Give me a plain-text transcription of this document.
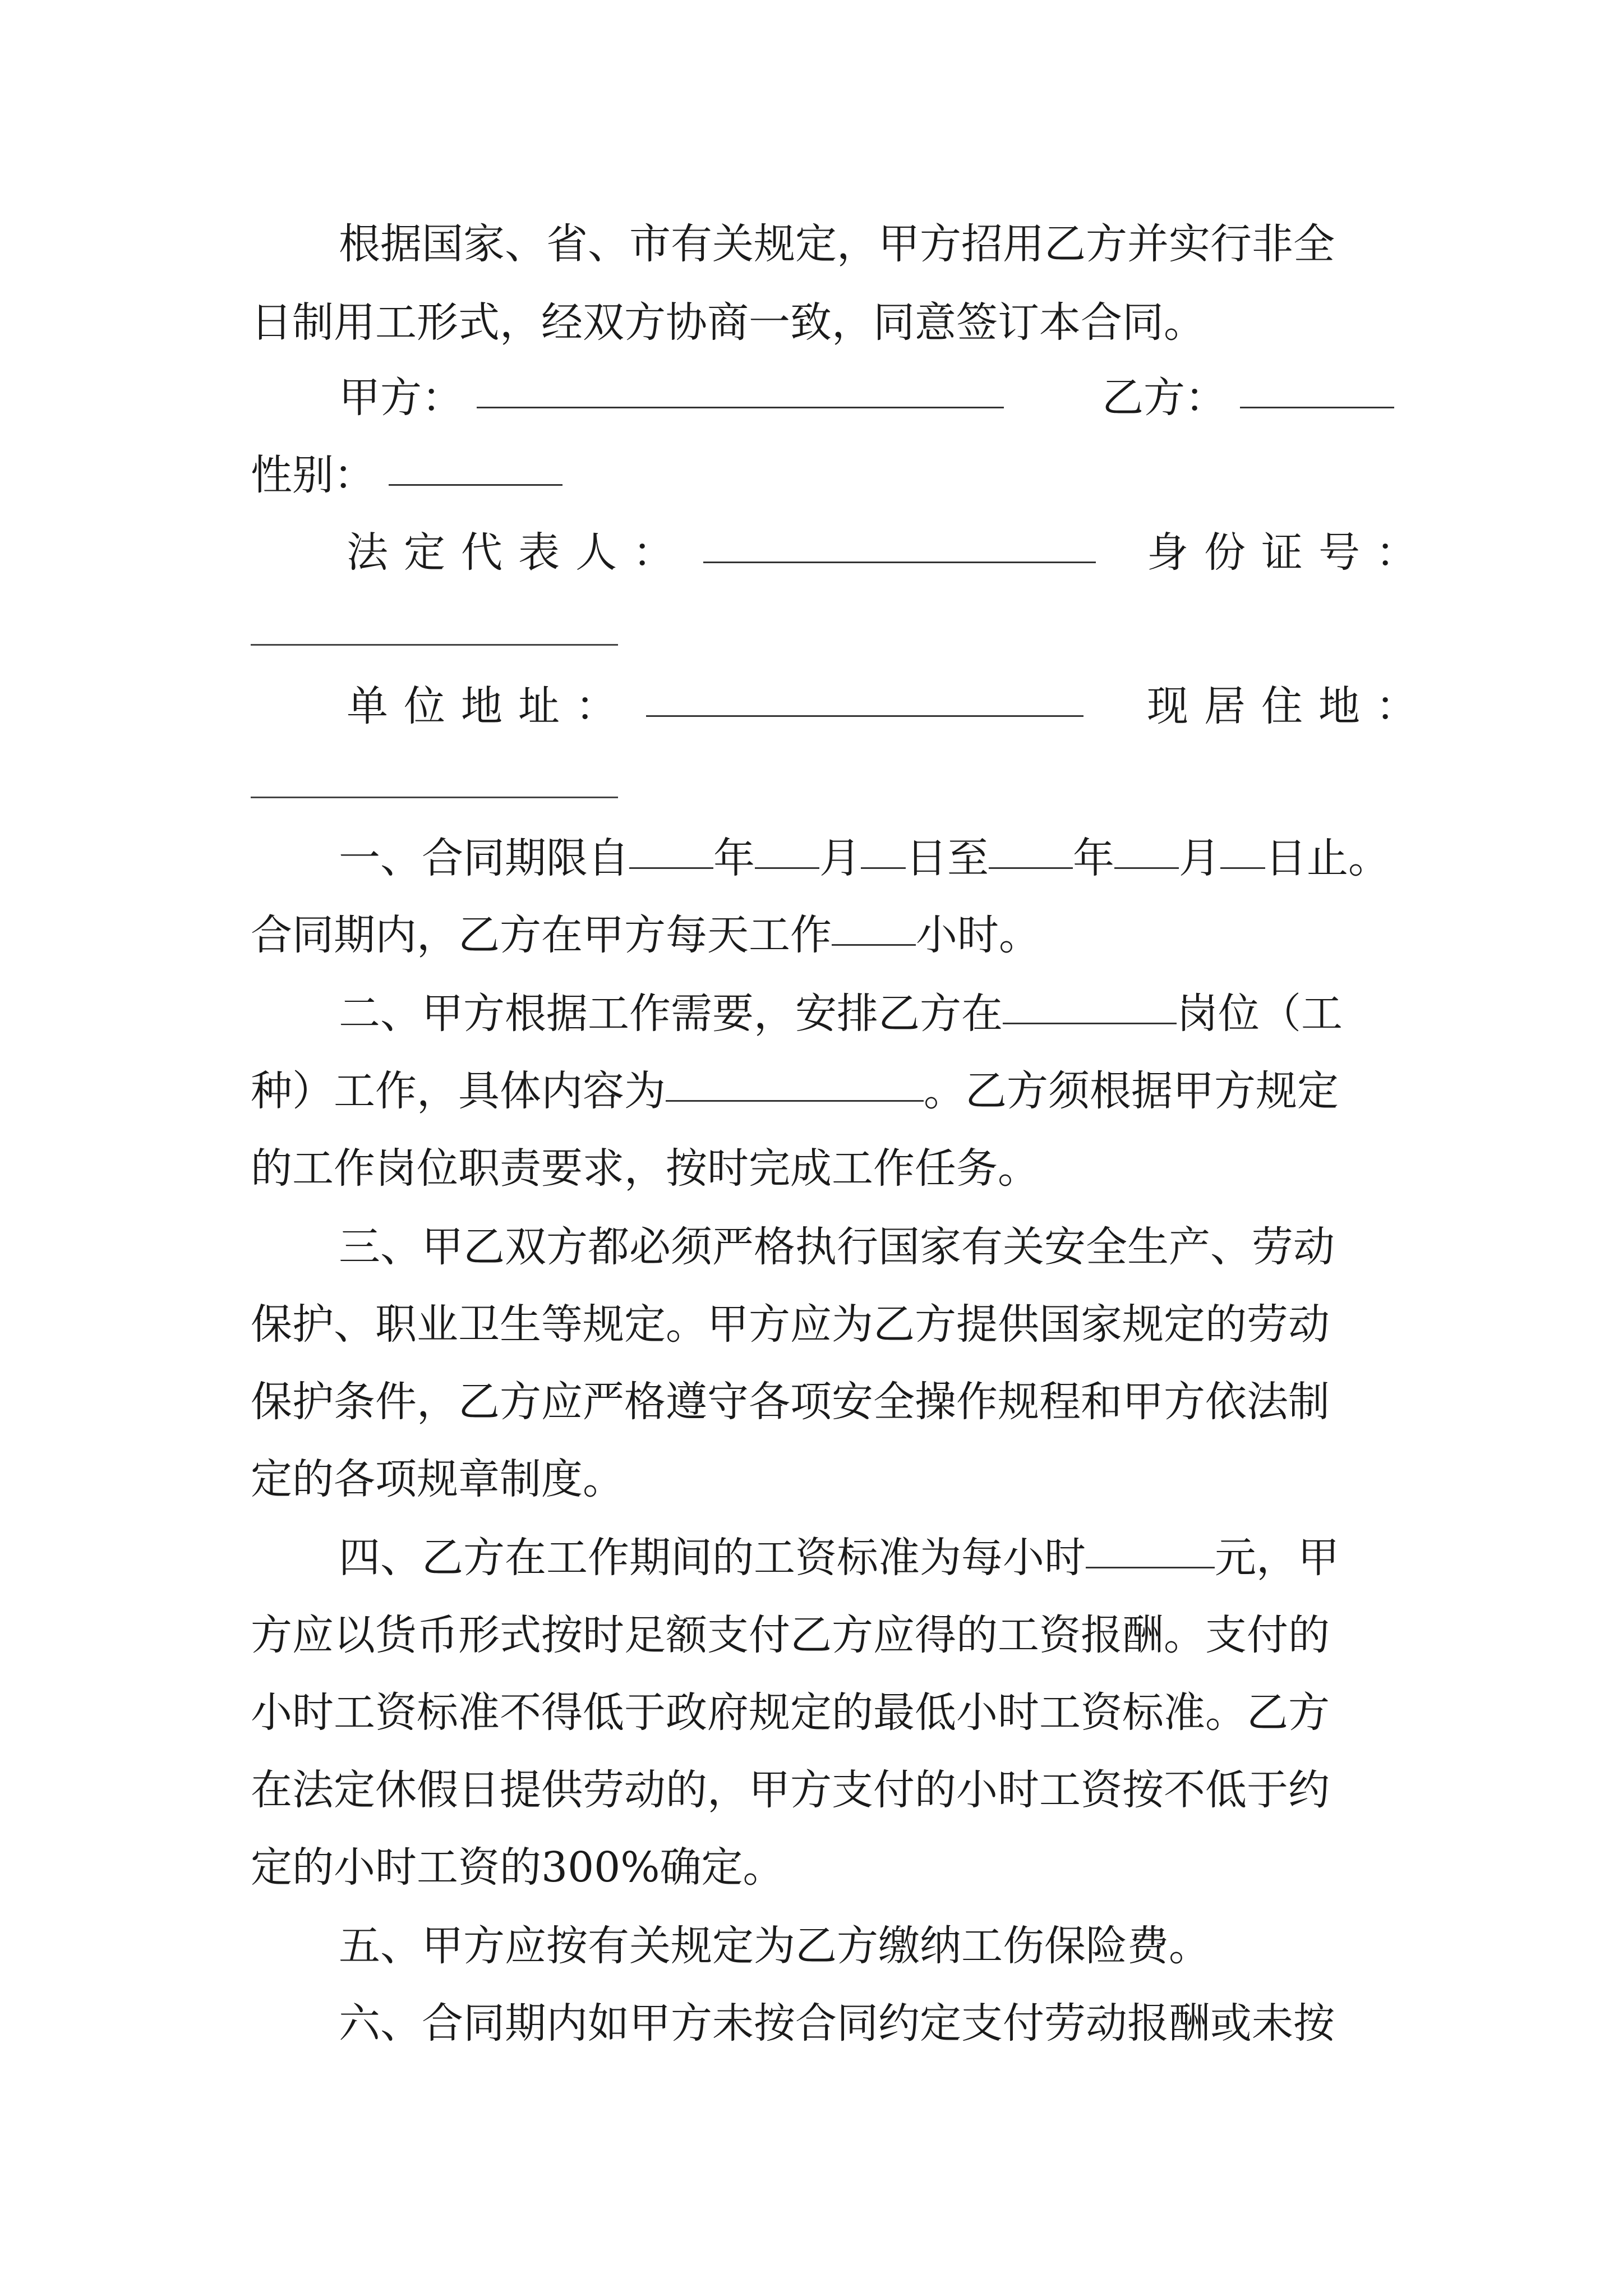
根据国家、省、市有关规定，甲方招用乙方并实行非全
日制用工形式，经双方协商一致，同意签订本合同。
甲方：	乙方：
性别：
法定代表人：	身份证号：
单位地址：	现居住地：
一、合同期限自 年 月 日至 年 月 日止。
合同期内，乙方在甲方每天工作 小时。
二、甲方根据工作需要，安排乙方在	岗位（工
种）工作，具体内容为	。乙方须根据甲方规定
的工作岗位职责要求，按时完成工作任务。
三、甲乙双方都必须严格执行国家有关安全生产、劳动
保护、职业卫生等规定。甲方应为乙方提供国家规定的劳动
保护条件，乙方应严格遵守各项安全操作规程和甲方依法制
定的各项规章制度。
四、乙方在工作期间的工资标准为每小时	元，甲
方应以货币形式按时足额支付乙方应得的工资报酬。支付的
小时工资标准不得低于政府规定的最低小时工资标准。乙方
在法定休假日提供劳动的，甲方支付的小时工资按不低于约
定的小时工资的300%确定。
五、甲方应按有关规定为乙方缴纳工伤保险费。
六、合同期内如甲方未按合同约定支付劳动报酬或未按
